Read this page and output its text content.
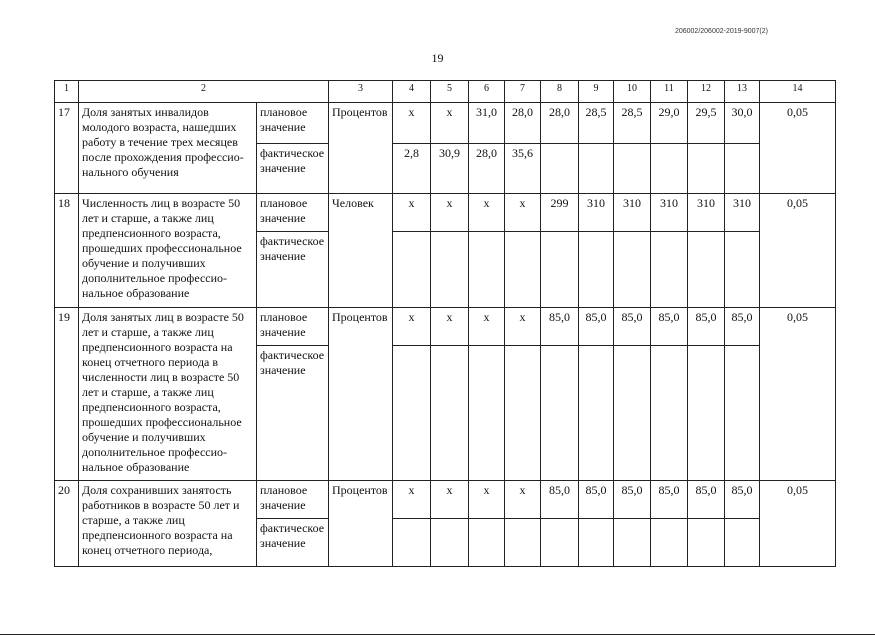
206002/206002-2019-9007(2)
19
1	2		3	4	5	6	7	8	9	10	11	12	13	14
17	Доля занятых инвалидов молодого возраста, нашедших работу в течение трех месяцев после прохождения профессио-нального обучения	плановое значение	Процентов	х	х	31,0	28,0	28,0	28,5	28,5	29,0	29,5	30,0	0,05
		фактическое значение		2,8	30,9	28,0	35,6							
18	Численность лиц в возрасте 50 лет и старше, а также лиц предпенсионного возраста, прошедших профессиональное обучение и получивших дополнительное профессио-нальное образование	плановое значение	Человек	х	х	х	х	299	310	310	310	310	310	0,05
		фактическое значение												
19	Доля занятых лиц в возрасте 50 лет и старше, а также лиц предпенсионного возраста на конец отчетного периода в численности лиц в возрасте 50 лет и старше, а также лиц предпенсионного возраста, прошедших профессиональное обучение и получивших дополнительное профессио-нальное образование	плановое значение	Процентов	х	х	х	х	85,0	85,0	85,0	85,0	85,0	85,0	0,05
		фактическое значение												
20	Доля сохранивших занятость работников в возрасте 50 лет и старше, а также лиц предпенсионного возраста на конец отчетного периода,	плановое значение	Процентов	х	х	х	х	85,0	85,0	85,0	85,0	85,0	85,0	0,05
		фактическое значение												
